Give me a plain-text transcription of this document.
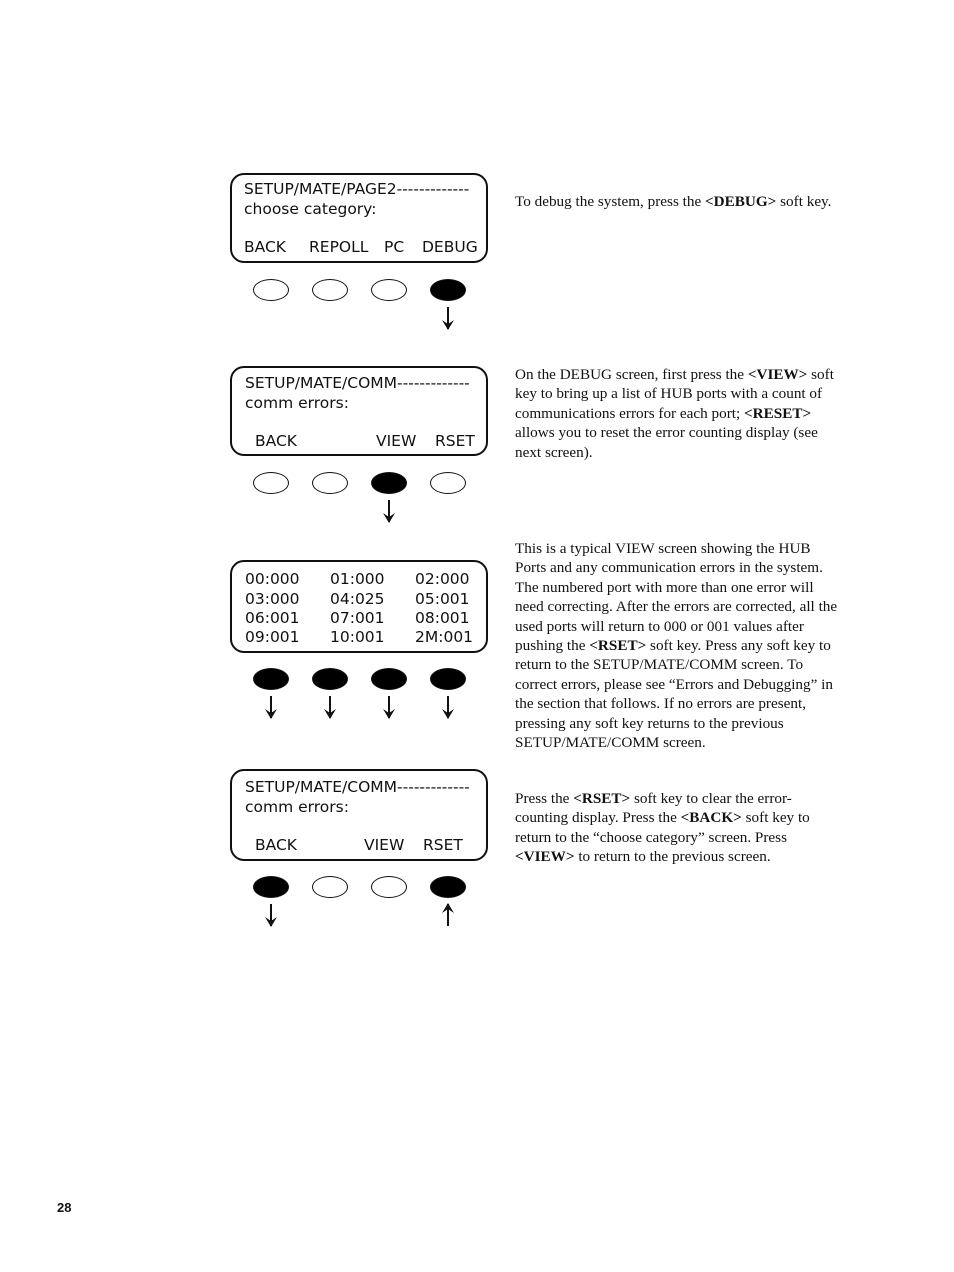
SETUP/MATE/PAGE2-------------
choose category:
BACK REPOLL PC DEBUG

To debug the system, press the <DEBUG> soft key.

SETUP/MATE/COMM-------------
comm errors:
BACK	VIEW RSET

On the DEBUG screen, first press the <VIEW> soft key to bring up a list of HUB ports with a count of communications errors for each port; <RESET> allows you to reset the error counting display (see next screen).

00:000 01:000 02:000
03:000 04:025 05:001
06:001 07:001 08:001
09:001 10:001 2M:001

This is a typical VIEW screen showing the HUB Ports and any communication errors in the system. The numbered port with more than one error will need correcting. After the errors are corrected, all the used ports will return to 000 or 001 values after pushing the <RSET> soft key. Press any soft key to return to the SETUP/MATE/COMM screen. To correct errors, please see “Errors and Debugging” in the section that follows. If no errors are present, pressing any soft key returns to the previous SETUP/MATE/COMM screen.

SETUP/MATE/COMM-------------
comm errors:
BACK	VIEW RSET

Press the <RSET> soft key to clear the error-counting display. Press the <BACK> soft key to return to the “choose category” screen. Press <VIEW> to return to the previous screen.

28
